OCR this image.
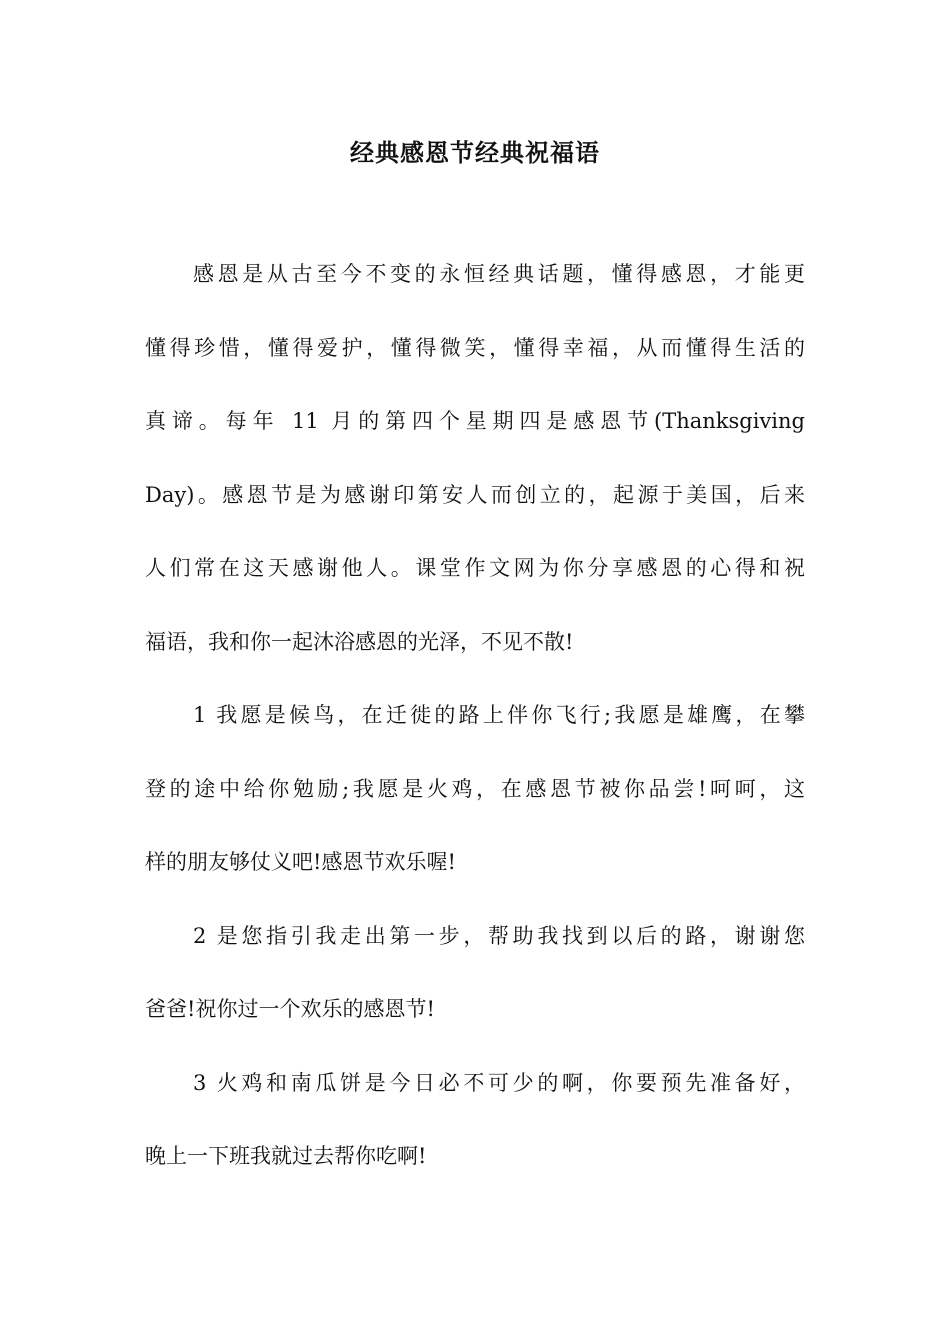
经典感恩节经典祝福语
感恩是从古至今不变的永恒经典话题，懂得感恩，才能更
懂得珍惜，懂得爱护，懂得微笑，懂得幸福，从而懂得生活的
真谛。每年 11 月的第四个星期四是感恩节(Thanksgiving
Day)。感恩节是为感谢印第安人而创立的，起源于美国，后来
人们常在这天感谢他人。课堂作文网为你分享感恩的心得和祝
福语，我和你一起沐浴感恩的光泽，不见不散!
1 我愿是候鸟，在迁徙的路上伴你飞行;我愿是雄鹰，在攀
登的途中给你勉励;我愿是火鸡，在感恩节被你品尝!呵呵，这
样的朋友够仗义吧!感恩节欢乐喔!
2 是您指引我走出第一步，帮助我找到以后的路，谢谢您
爸爸!祝你过一个欢乐的感恩节!
3 火鸡和南瓜饼是今日必不可少的啊，你要预先准备好，
晚上一下班我就过去帮你吃啊!
